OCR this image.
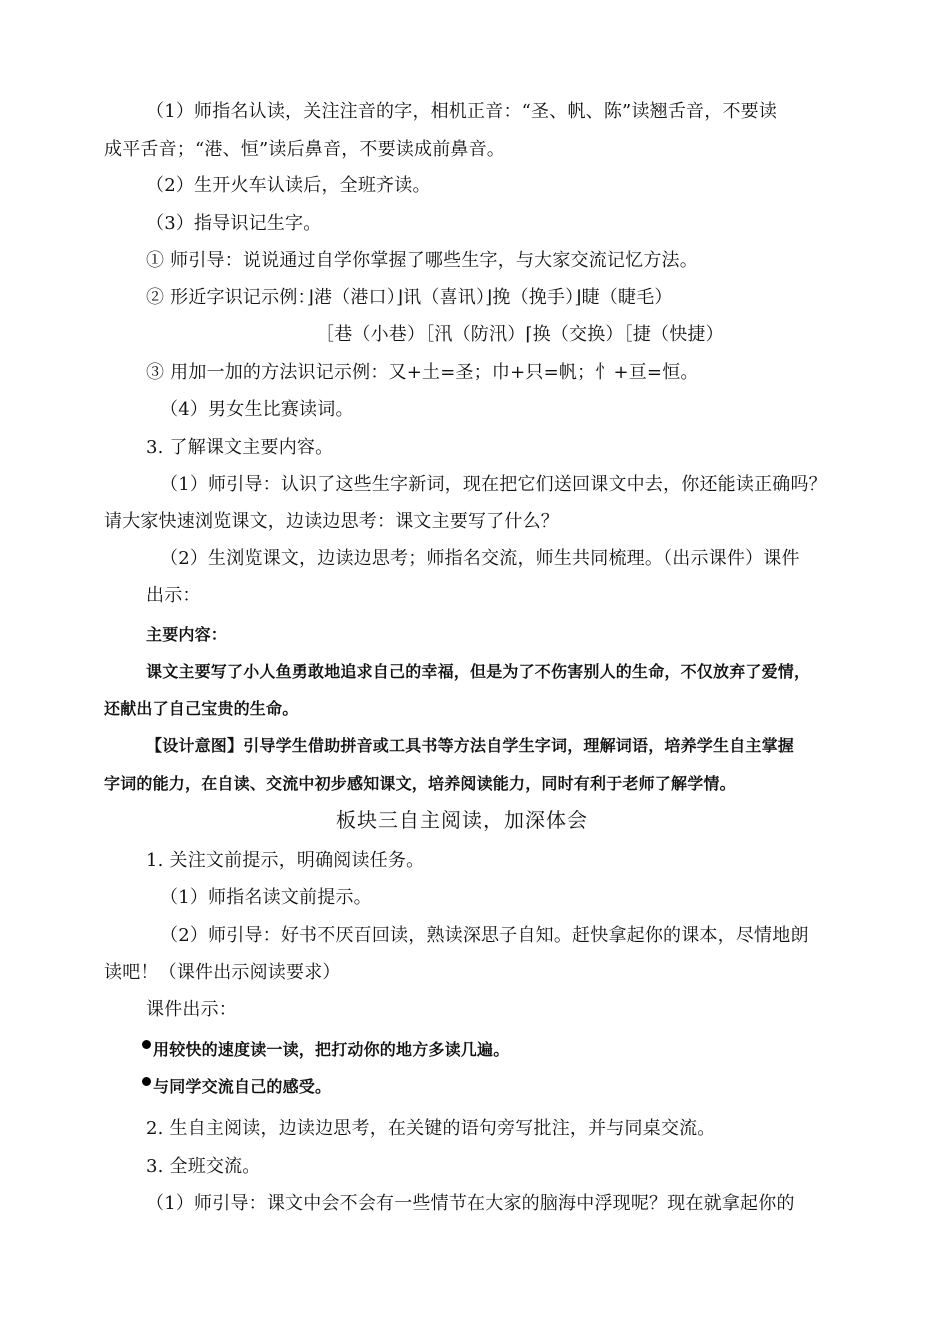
（1）师指名认读，关注注音的字，相机正音：“圣、帆、陈”读翘舌音，不要读
成平舌音；“港、恒”读后鼻音，不要读成前鼻音。
（2）生开火车认读后，全班齐读。
（3）指导识记生字。
① 师引导：说说通过自学你掌握了哪些生字，与大家交流记忆方法。
② 形近字识记示例：⌋港（港口）⌋讯（喜讯）⌋挽（挽手）⌋睫（睫毛）
［巷（小巷）［汛（防汛）⌈换（交换）［捷（快捷）
③ 用加一加的方法识记示例：又+土=圣；巾+只=帆；忄+亘=恒。
（4）男女生比赛读词。
3. 了解课文主要内容。
（1）师引导：认识了这些生字新词，现在把它们送回课文中去，你还能读正确吗？
请大家快速浏览课文，边读边思考：课文主要写了什么？
（2）生浏览课文，边读边思考；师指名交流，师生共同梳理。（出示课件）课件
出示：
主要内容：
课文主要写了小人鱼勇敢地追求自己的幸福，但是为了不伤害别人的生命，不仅放弃了爱情，
还献出了自己宝贵的生命。
【设计意图】引导学生借助拼音或工具书等方法自学生字词，理解词语，培养学生自主掌握
字词的能力，在自读、交流中初步感知课文，培养阅读能力，同时有利于老师了解学情。
板块三自主阅读，加深体会
1. 关注文前提示，明确阅读任务。
（1）师指名读文前提示。
（2）师引导：好书不厌百回读，熟读深思子自知。赶快拿起你的课本，尽情地朗
读吧！（课件出示阅读要求）
课件出示：
用较快的速度读一读，把打动你的地方多读几遍。
与同学交流自己的感受。
2. 生自主阅读，边读边思考，在关键的语句旁写批注，并与同桌交流。
3. 全班交流。
（1）师引导：课文中会不会有一些情节在大家的脑海中浮现呢？现在就拿起你的
